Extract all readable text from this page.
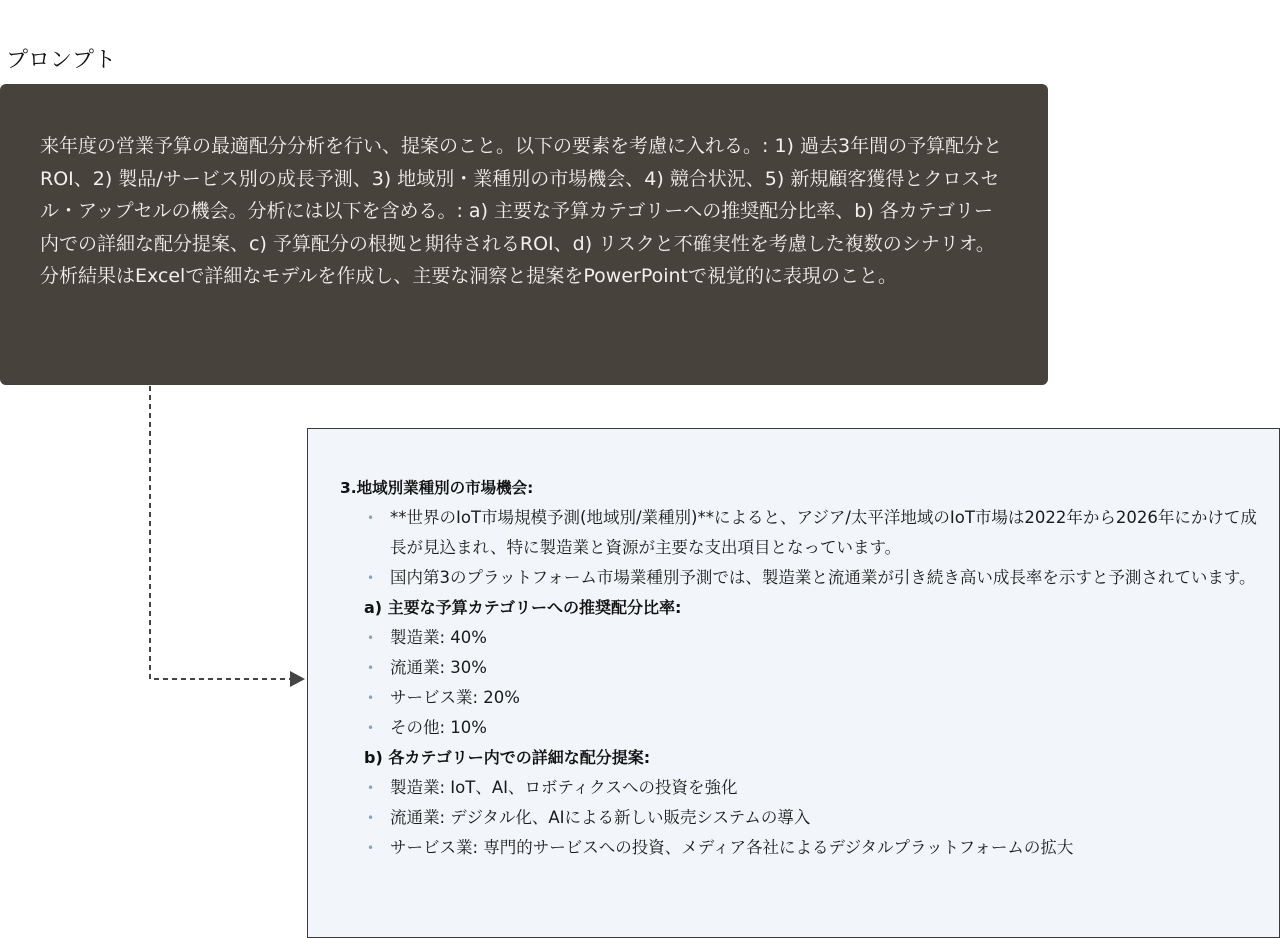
プロンプト

来年度の営業予算の最適配分分析を行い、提案のこと。以下の要素を考慮に入れる。: 1) 過去3年間の予算配分とROI、2) 製品/サービス別の成長予測、3) 地域別・業種別の市場機会、4) 競合状況、5) 新規顧客獲得とクロスセル・アップセルの機会。分析には以下を含める。: a) 主要な予算カテゴリーへの推奨配分比率、b) 各カテゴリー内での詳細な配分提案、c) 予算配分の根拠と期待されるROI、d) リスクと不確実性を考慮した複数のシナリオ。分析結果はExcelで詳細なモデルを作成し、主要な洞察と提案をPowerPointで視覚的に表現のこと。

3.地域別業種別の市場機会:

• **世界のIoT市場規模予測(地域別/業種別)**によると、アジア/太平洋地域のIoT市場は2022年から2026年にかけて成長が見込まれ、特に製造業と資源が主要な支出項目となっています。
• 国内第3のプラットフォーム市場業種別予測では、製造業と流通業が引き続き高い成長率を示すと予測されています。

a) 主要な予算カテゴリーへの推奨配分比率:

• 製造業: 40%
• 流通業: 30%
• サービス業: 20%
• その他: 10%

b) 各カテゴリー内での詳細な配分提案:

• 製造業: IoT、AI、ロボティクスへの投資を強化
• 流通業: デジタル化、AIによる新しい販売システムの導入
• サービス業: 専門的サービスへの投資、メディア各社によるデジタルプラットフォームの拡大
